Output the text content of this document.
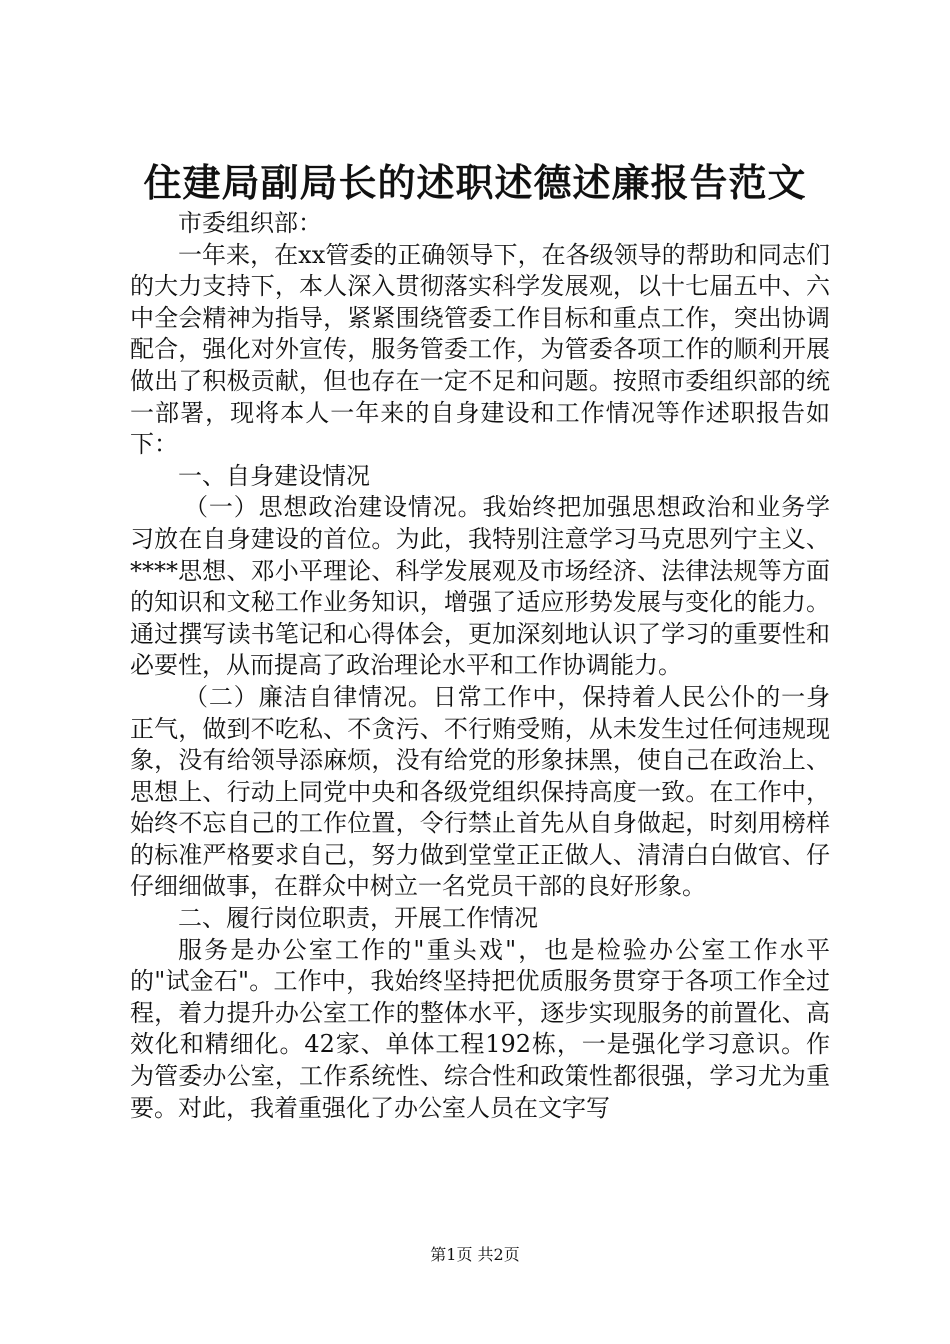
住建局副局长的述职述德述廉报告范文

市委组织部：

一年来，在xx管委的正确领导下，在各级领导的帮助和同志们的大力支持下，本人深入贯彻落实科学发展观，以十七届五中、六中全会精神为指导，紧紧围绕管委工作目标和重点工作，突出协调配合，强化对外宣传，服务管委工作，为管委各项工作的顺利开展做出了积极贡献，但也存在一定不足和问题。按照市委组织部的统一部署，现将本人一年来的自身建设和工作情况等作述职报告如下：

一、自身建设情况

（一）思想政治建设情况。我始终把加强思想政治和业务学习放在自身建设的首位。为此，我特别注意学习马克思列宁主义、****思想、邓小平理论、科学发展观及市场经济、法律法规等方面的知识和文秘工作业务知识，增强了适应形势发展与变化的能力。通过撰写读书笔记和心得体会，更加深刻地认识了学习的重要性和必要性，从而提高了政治理论水平和工作协调能力。

（二）廉洁自律情况。日常工作中，保持着人民公仆的一身正气，做到不吃私、不贪污、不行贿受贿，从未发生过任何违规现象，没有给领导添麻烦，没有给党的形象抹黑，使自己在政治上、思想上、行动上同党中央和各级党组织保持高度一致。在工作中，始终不忘自己的工作位置，令行禁止首先从自身做起，时刻用榜样的标准严格要求自己，努力做到堂堂正正做人、清清白白做官、仔仔细细做事，在群众中树立一名党员干部的良好形象。

二、履行岗位职责，开展工作情况

服务是办公室工作的"重头戏"，也是检验办公室工作水平的"试金石"。工作中，我始终坚持把优质服务贯穿于各项工作全过程，着力提升办公室工作的整体水平，逐步实现服务的前置化、高效化和精细化。42家、单体工程192栋，一是强化学习意识。作为管委办公室，工作系统性、综合性和政策性都很强，学习尤为重要。对此，我着重强化了办公室人员在文字写

第1页 共2页
